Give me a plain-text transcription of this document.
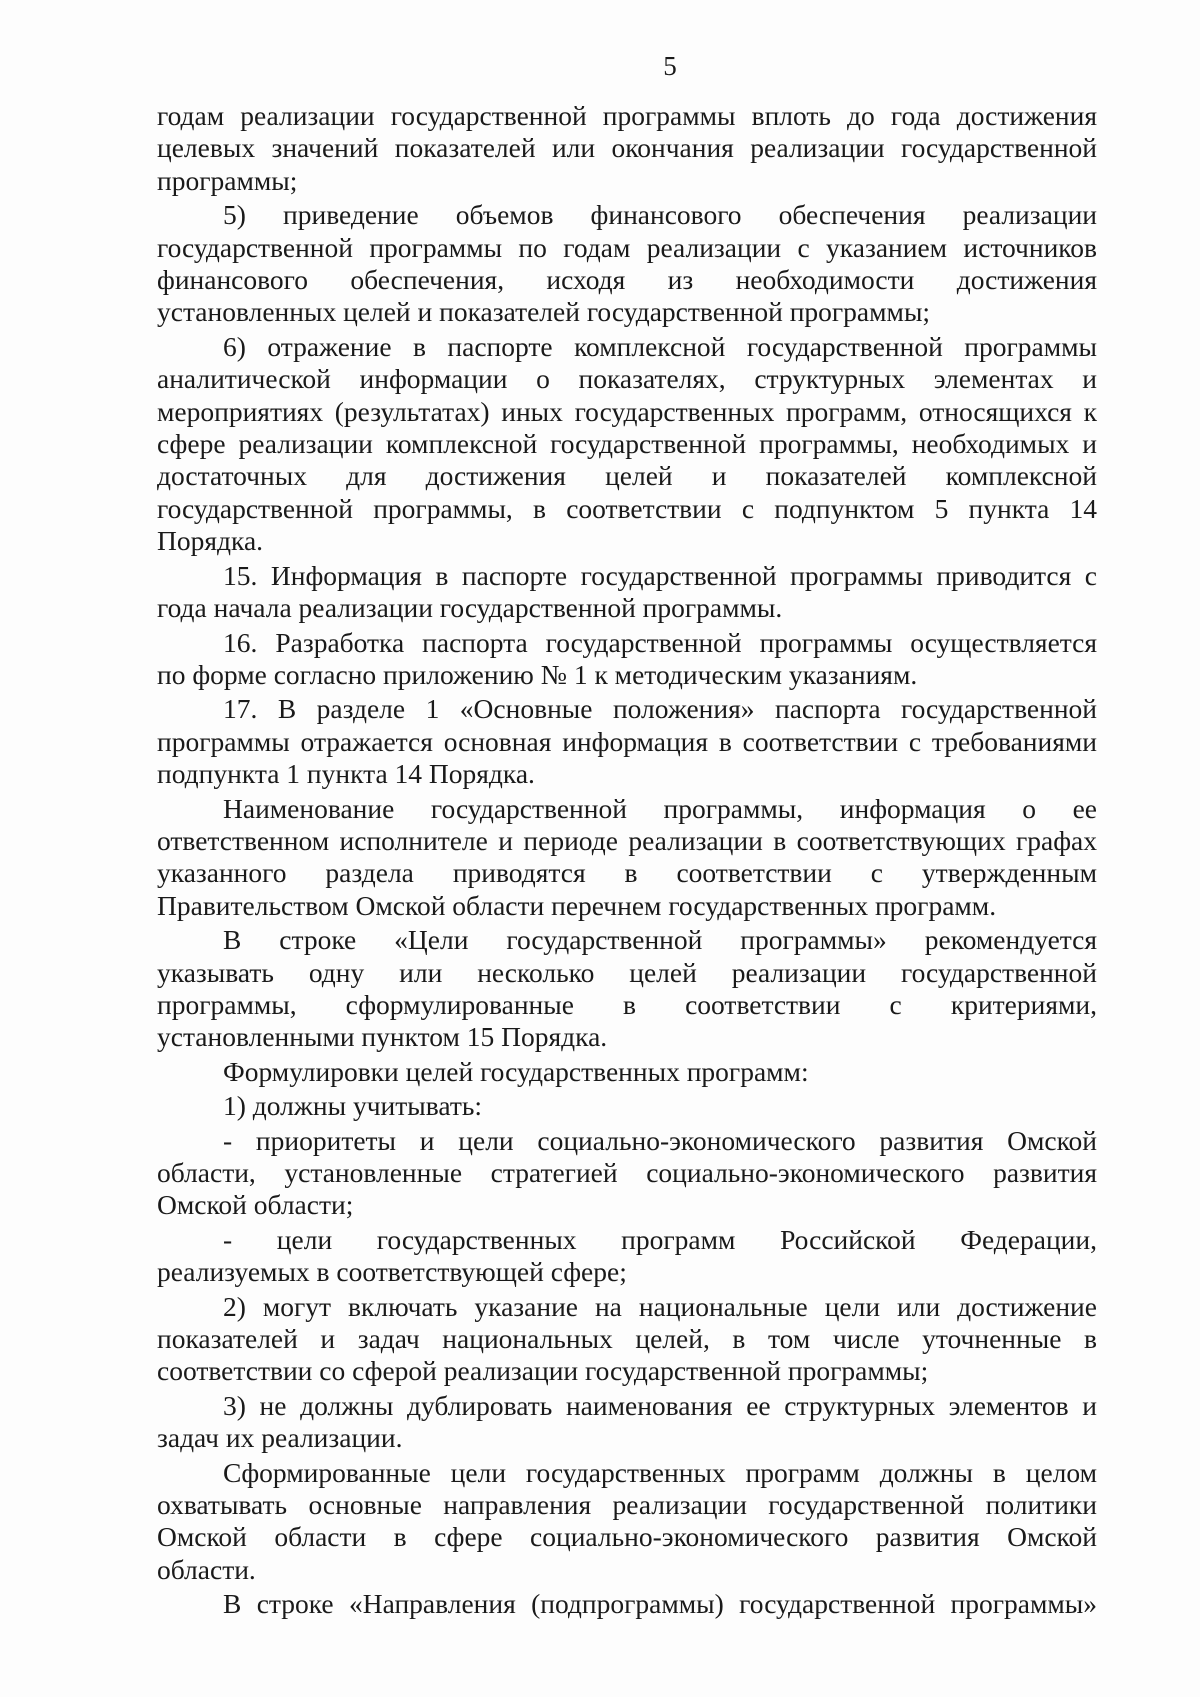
5
годам реализации государственной программы вплоть до года достижения
целевых значений показателей или окончания реализации государственной
программы;
5) приведение объемов финансового обеспечения реализации
государственной программы по годам реализации с указанием источников
финансового обеспечения, исходя из необходимости достижения
установленных целей и показателей государственной программы;
6) отражение в паспорте комплексной государственной программы
аналитической информации о показателях, структурных элементах и
мероприятиях (результатах) иных государственных программ, относящихся к
сфере реализации комплексной государственной программы, необходимых и
достаточных для достижения целей и показателей комплексной
государственной программы, в соответствии с подпунктом 5 пункта 14
Порядка.
15. Информация в паспорте государственной программы приводится с
года начала реализации государственной программы.
16. Разработка паспорта государственной программы осуществляется
по форме согласно приложению № 1 к методическим указаниям.
17. В разделе 1 «Основные положения» паспорта государственной
программы отражается основная информация в соответствии с требованиями
подпункта 1 пункта 14 Порядка.
Наименование государственной программы, информация о ее
ответственном исполнителе и периоде реализации в соответствующих графах
указанного раздела приводятся в соответствии с утвержденным
Правительством Омской области перечнем государственных программ.
В строке «Цели государственной программы» рекомендуется
указывать одну или несколько целей реализации государственной
программы, сформулированные в соответствии с критериями,
установленными пунктом 15 Порядка.
Формулировки целей государственных программ:
1) должны учитывать:
- приоритеты и цели социально-экономического развития Омской
области, установленные стратегией социально-экономического развития
Омской области;
- цели государственных программ Российской Федерации,
реализуемых в соответствующей сфере;
2) могут включать указание на национальные цели или достижение
показателей и задач национальных целей, в том числе уточненные в
соответствии со сферой реализации государственной программы;
3) не должны дублировать наименования ее структурных элементов и
задач их реализации.
Сформированные цели государственных программ должны в целом
охватывать основные направления реализации государственной политики
Омской области в сфере социально-экономического развития Омской
области.
В строке «Направления (подпрограммы) государственной программы»
